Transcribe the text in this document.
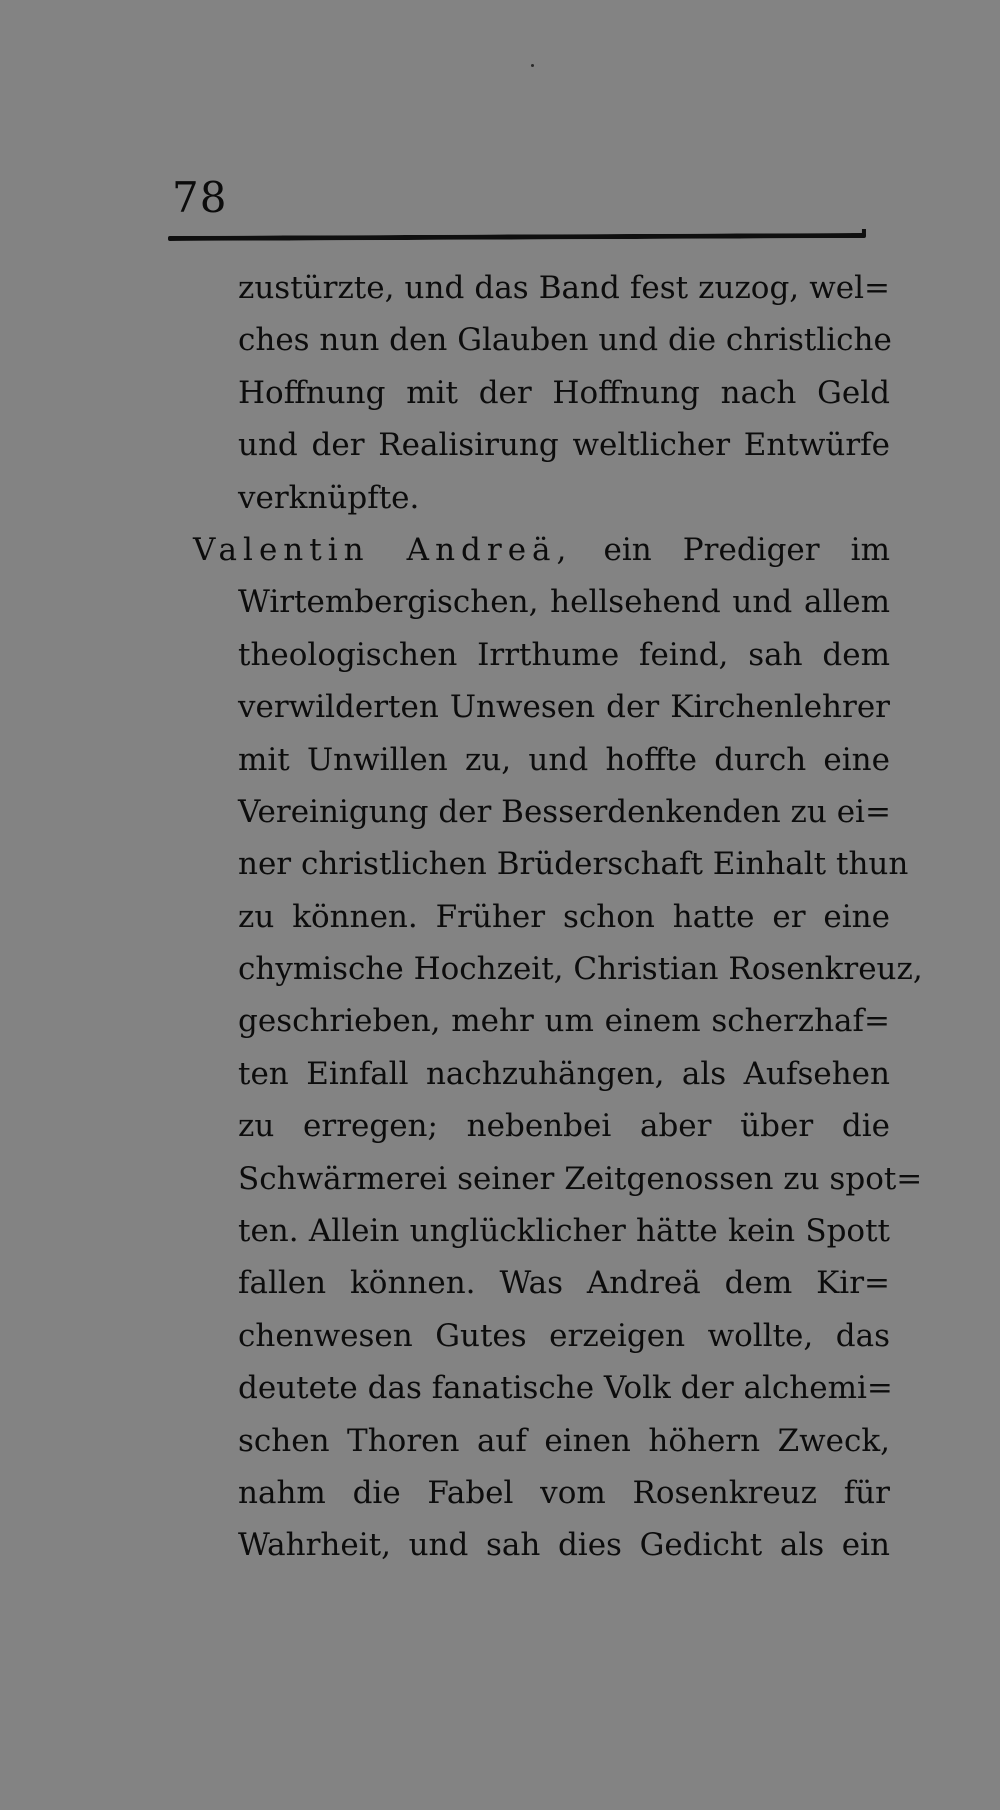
78
zustürzte, und das Band fest zuzog, wel=
ches nun den Glauben und die christliche
Hoffnung mit der Hoffnung nach Geld
und der Realisirung weltlicher Entwürfe
verknüpfte.
Valentin Andreä, ein Prediger im
Wirtembergischen, hellsehend und allem
theologischen Irrthume feind, sah dem
verwilderten Unwesen der Kirchenlehrer
mit Unwillen zu, und hoffte durch eine
Vereinigung der Besserdenkenden zu ei=
ner christlichen Brüderschaft Einhalt thun
zu können. Früher schon hatte er eine
chymische Hochzeit, Christian Rosenkreuz,
geschrieben, mehr um einem scherzhaf=
ten Einfall nachzuhängen, als Aufsehen
zu erregen; nebenbei aber über die
Schwärmerei seiner Zeitgenossen zu spot=
ten. Allein unglücklicher hätte kein Spott
fallen können. Was Andreä dem Kir=
chenwesen Gutes erzeigen wollte, das
deutete das fanatische Volk der alchemi=
schen Thoren auf einen höhern Zweck,
nahm die Fabel vom Rosenkreuz für
Wahrheit, und sah dies Gedicht als ein
